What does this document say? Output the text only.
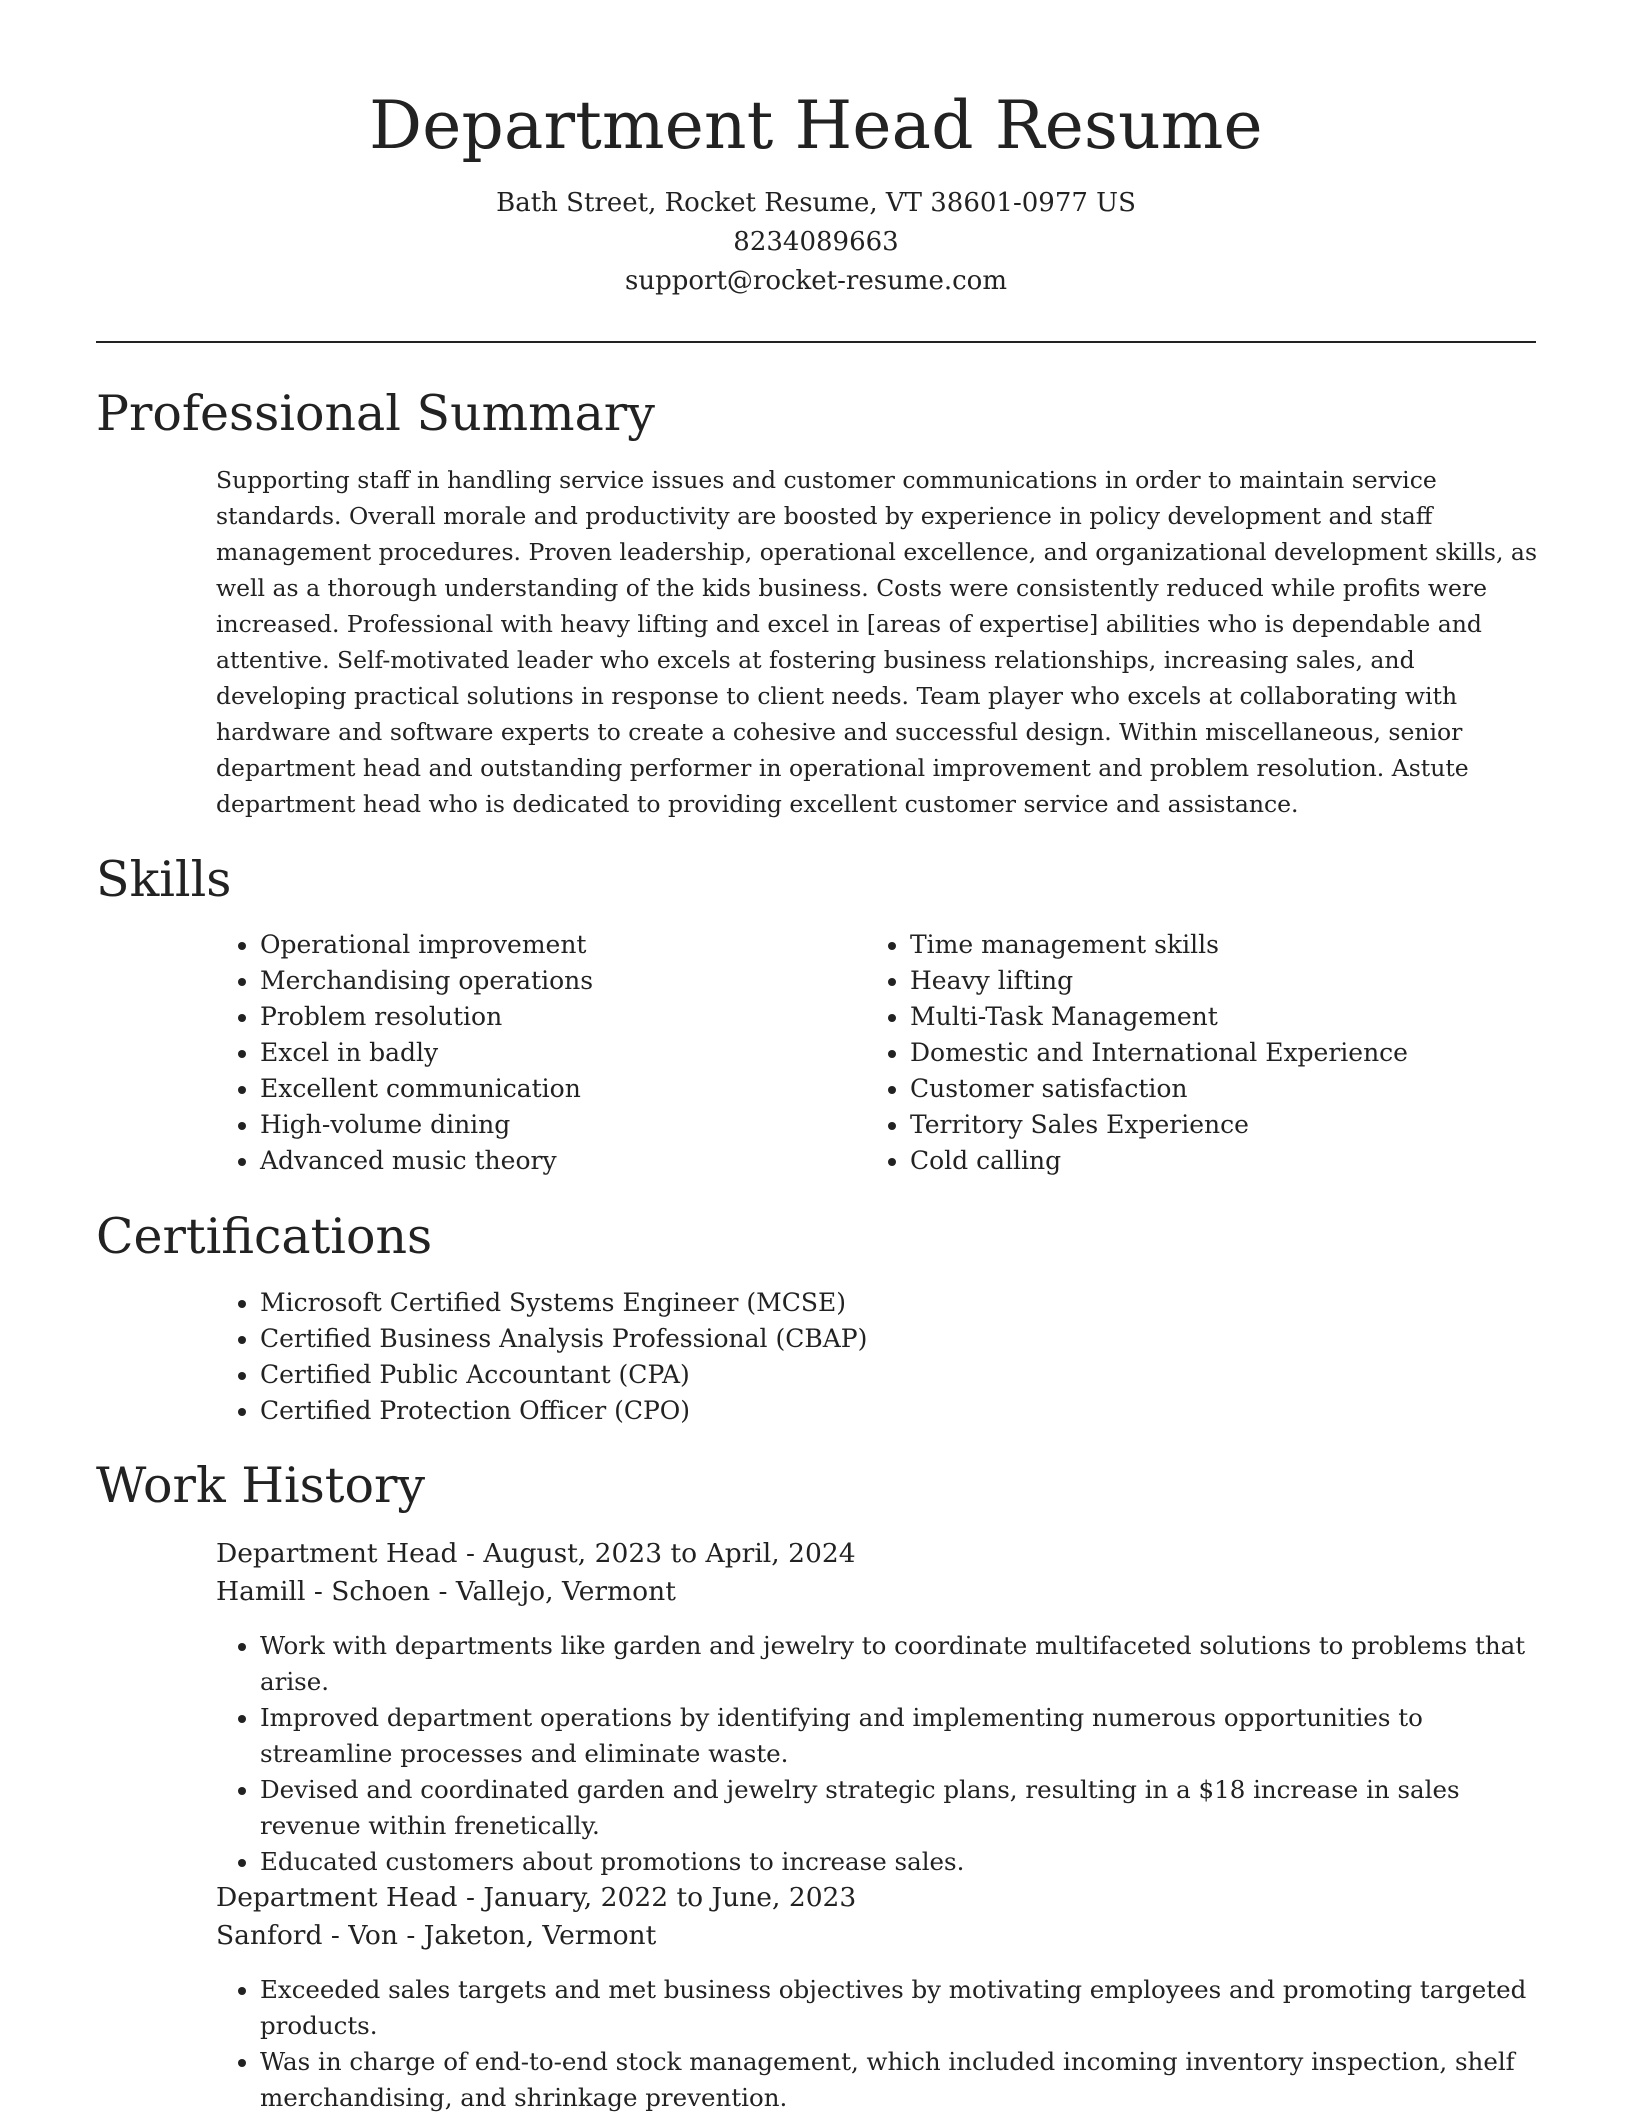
Department Head Resume
Bath Street, Rocket Resume, VT 38601-0977 US
8234089663
support@rocket-resume.com
Professional Summary

Supporting staff in handling service issues and customer communications in order to maintain service standards. Overall morale and productivity are boosted by experience in policy development and staff management procedures. Proven leadership, operational excellence, and organizational development skills, as well as a thorough understanding of the kids business. Costs were consistently reduced while profits were increased. Professional with heavy lifting and excel in [areas of expertise] abilities who is dependable and attentive. Self-motivated leader who excels at fostering business relationships, increasing sales, and developing practical solutions in response to client needs. Team player who excels at collaborating with hardware and software experts to create a cohesive and successful design. Within miscellaneous, senior department head and outstanding performer in operational improvement and problem resolution. Astute department head who is dedicated to providing excellent customer service and assistance.

Skills
• Operational improvement
• Merchandising operations
• Problem resolution
• Excel in badly
• Excellent communication
• High-volume dining
• Advanced music theory
• Time management skills
• Heavy lifting
• Multi-Task Management
• Domestic and International Experience
• Customer satisfaction
• Territory Sales Experience
• Cold calling
Certifications
• Microsoft Certified Systems Engineer (MCSE)
• Certified Business Analysis Professional (CBAP)
• Certified Public Accountant (CPA)
• Certified Protection Officer (CPO)
Work History
Department Head - August, 2023 to April, 2024
Hamill - Schoen - Vallejo, Vermont
• Work with departments like garden and jewelry to coordinate multifaceted solutions to problems that arise.
• Improved department operations by identifying and implementing numerous opportunities to streamline processes and eliminate waste.
• Devised and coordinated garden and jewelry strategic plans, resulting in a $18 increase in sales revenue within frenetically.
• Educated customers about promotions to increase sales.
Department Head - January, 2022 to June, 2023
Sanford - Von - Jaketon, Vermont
• Exceeded sales targets and met business objectives by motivating employees and promoting targeted products.
• Was in charge of end-to-end stock management, which included incoming inventory inspection, shelf merchandising, and shrinkage prevention.
